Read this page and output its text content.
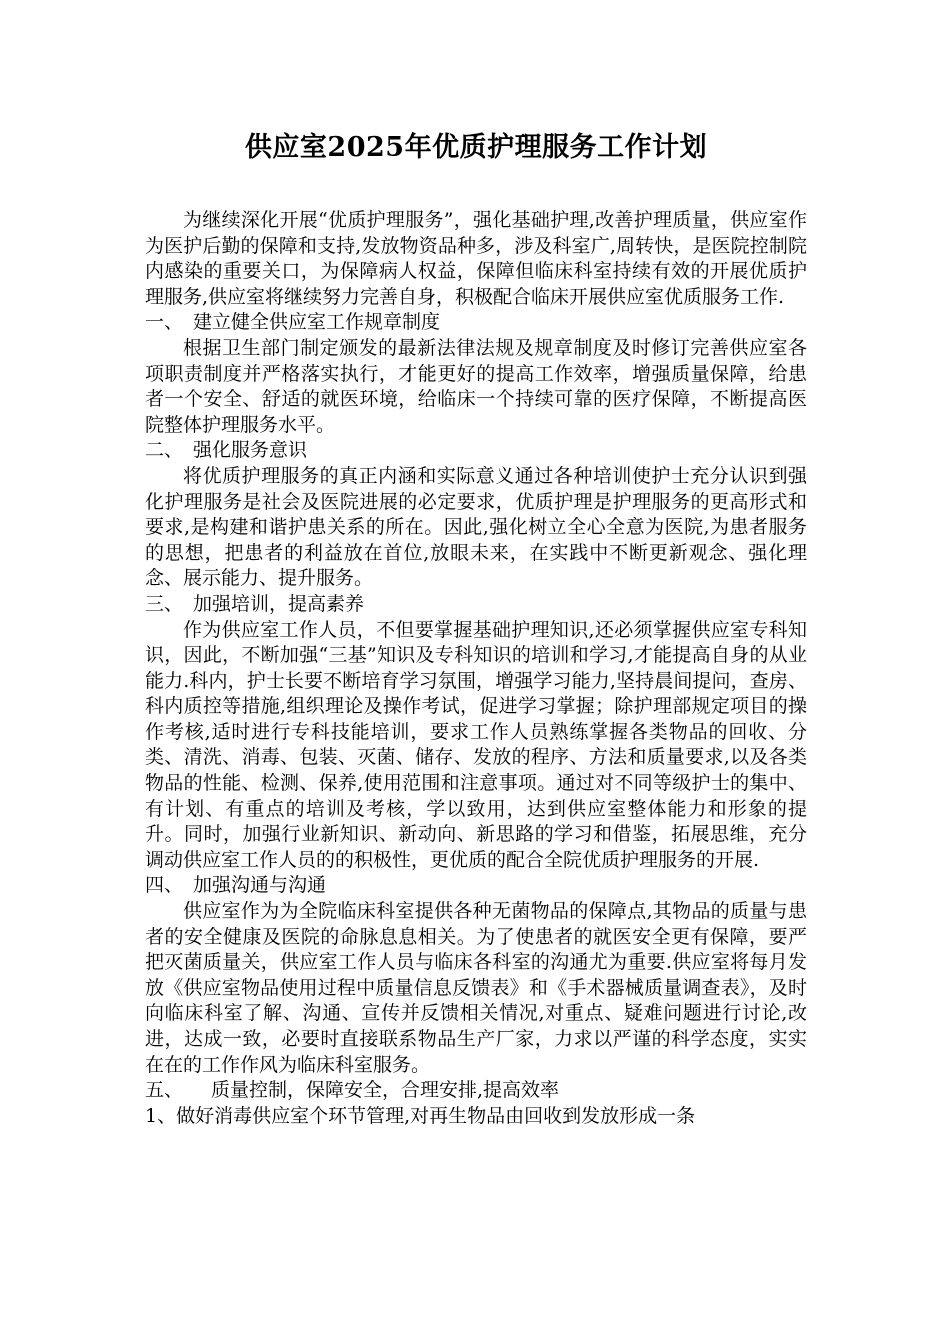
供应室2025年优质护理服务工作计划

为继续深化开展“优质护理服务”，强化基础护理,改善护理质量，供应室作为医护后勤的保障和支持,发放物资品种多，涉及科室广,周转快，是医院控制院内感染的重要关口，为保障病人权益，保障但临床科室持续有效的开展优质护理服务,供应室将继续努力完善自身，积极配合临床开展供应室优质服务工作.

一、 建立健全供应室工作规章制度

根据卫生部门制定颁发的最新法律法规及规章制度及时修订完善供应室各项职责制度并严格落实执行，才能更好的提高工作效率，增强质量保障，给患者一个安全、舒适的就医环境，给临床一个持续可靠的医疗保障，不断提高医院整体护理服务水平。

二、 强化服务意识

将优质护理服务的真正内涵和实际意义通过各种培训使护士充分认识到强化护理服务是社会及医院进展的必定要求，优质护理是护理服务的更高形式和要求,是构建和谐护患关系的所在。因此,强化树立全心全意为医院,为患者服务的思想，把患者的利益放在首位,放眼未来，在实践中不断更新观念、强化理念、展示能力、提升服务。

三、 加强培训，提高素养

作为供应室工作人员，不但要掌握基础护理知识,还必须掌握供应室专科知识，因此，不断加强“三基”知识及专科知识的培训和学习,才能提高自身的从业能力.科内，护士长要不断培育学习氛围，增强学习能力,坚持晨间提问，查房、科内质控等措施,组织理论及操作考试，促进学习掌握；除护理部规定项目的操作考核,适时进行专科技能培训，要求工作人员熟练掌握各类物品的回收、分类、清洗、消毒、包装、灭菌、储存、发放的程序、方法和质量要求,以及各类物品的性能、检测、保养,使用范围和注意事项。通过对不同等级护士的集中、有计划、有重点的培训及考核，学以致用，达到供应室整体能力和形象的提升。同时，加强行业新知识、新动向、新思路的学习和借鉴，拓展思维，充分调动供应室工作人员的的积极性，更优质的配合全院优质护理服务的开展.

四、 加强沟通与沟通

供应室作为为全院临床科室提供各种无菌物品的保障点,其物品的质量与患者的安全健康及医院的命脉息息相关。为了使患者的就医安全更有保障，要严把灭菌质量关，供应室工作人员与临床各科室的沟通尤为重要.供应室将每月发放《供应室物品使用过程中质量信息反馈表》和《手术器械质量调查表》，及时向临床科室了解、沟通、宣传并反馈相关情况,对重点、疑难问题进行讨论,改进，达成一致，必要时直接联系物品生产厂家，力求以严谨的科学态度，实实在在的工作作风为临床科室服务。

五、 质量控制，保障安全，合理安排,提高效率

1、做好消毒供应室个环节管理,对再生物品由回收到发放形成一条
